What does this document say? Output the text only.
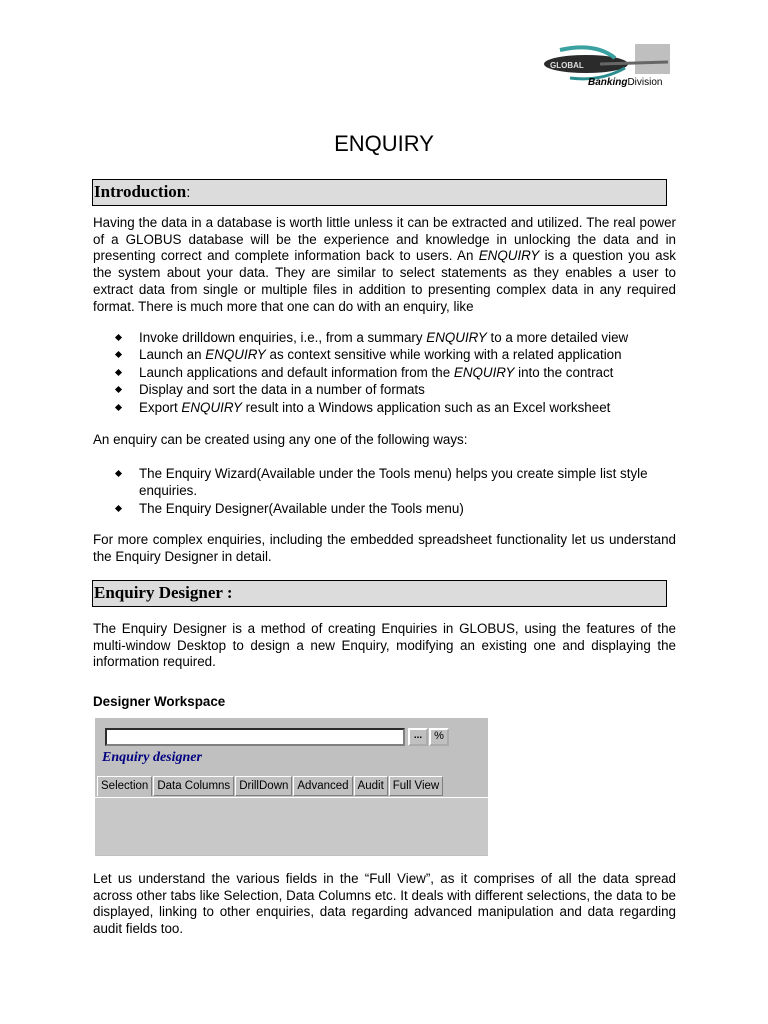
GLOBAL
BankingDivision
ENQUIRY
Introduction:
Having the data in a database is worth little unless it can be extracted and utilized. The real power of a GLOBUS database will be the experience and knowledge in unlocking the data and in presenting correct and complete information back to users. An ENQUIRY is a question you ask the system about your data. They are similar to select statements as they enables a user to extract data from single or multiple files in addition to presenting complex data in any required format. There is much more that one can do with an enquiry, like
Invoke drilldown enquiries, i.e., from a summary ENQUIRY to a more detailed view
Launch an ENQUIRY as context sensitive while working with a related application
Launch applications and default information from the ENQUIRY into the contract
Display and sort the data in a number of formats
Export ENQUIRY result into a Windows application such as an Excel worksheet
An enquiry can be created using any one of the following ways:
The Enquiry Wizard(Available under the Tools menu) helps you create simple list style enquiries.
The Enquiry Designer(Available under the Tools menu)
For more complex enquiries, including the embedded spreadsheet functionality let us understand the Enquiry Designer in detail.
Enquiry Designer :
The Enquiry Designer is a method of creating Enquiries in GLOBUS, using the features of the multi-window Desktop to design a new Enquiry, modifying an existing one and displaying the information required.
Designer Workspace
...	%
Enquiry designer
Selection Data Columns DrillDown Advanced Audit Full View
Let us understand the various fields in the “Full View”, as it comprises of all the data spread across other tabs like Selection, Data Columns etc. It deals with different selections, the data to be displayed, linking to other enquiries, data regarding advanced manipulation and data regarding audit fields too.
